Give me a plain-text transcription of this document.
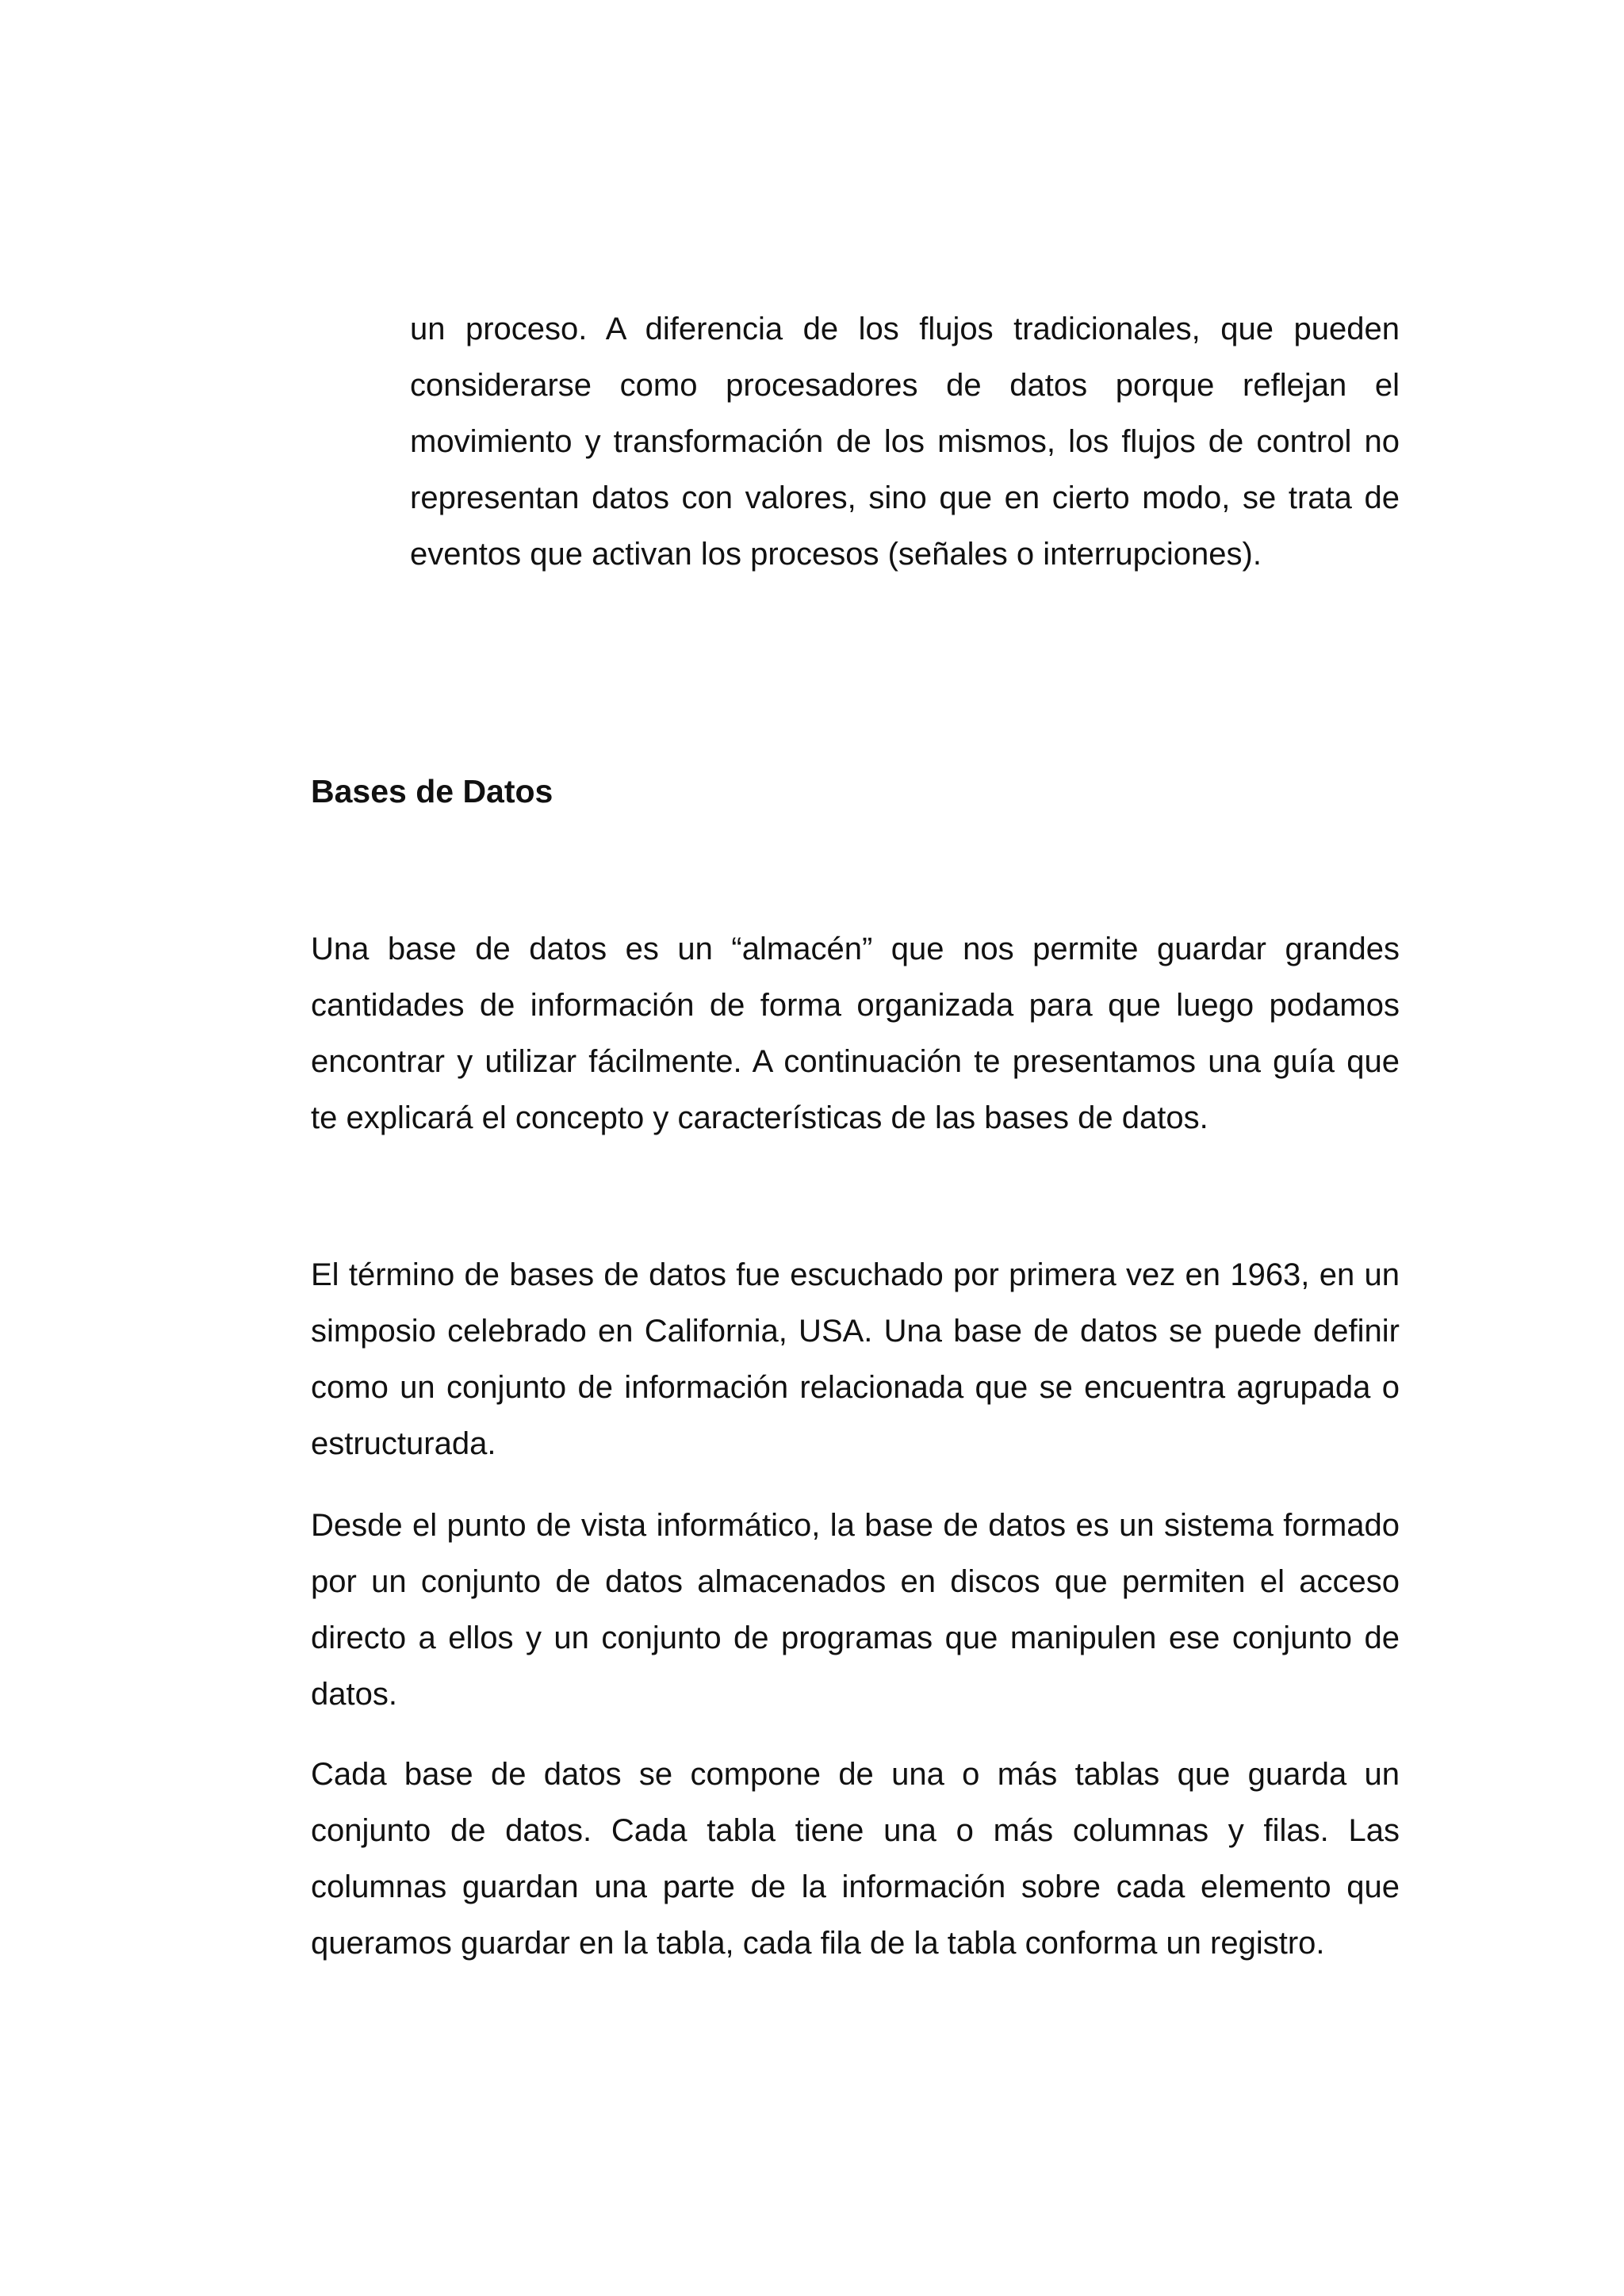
un proceso. A diferencia de los flujos tradicionales, que pueden considerarse como procesadores de datos porque reflejan el movimiento y transformación de los mismos, los flujos de control no representan datos con valores, sino que en cierto modo, se trata de eventos que activan los procesos (señales o interrupciones).

Bases de Datos

Una base de datos es un “almacén” que nos permite guardar grandes cantidades de información de forma organizada para que luego podamos encontrar y utilizar fácilmente. A continuación te presentamos una guía que te explicará el concepto y características de las bases de datos.

El término de bases de datos fue escuchado por primera vez en 1963, en un simposio celebrado en California, USA. Una base de datos se puede definir como un conjunto de información relacionada que se encuentra agrupada o estructurada.

Desde el punto de vista informático, la base de datos es un sistema formado por un conjunto de datos almacenados en discos que permiten el acceso directo a ellos y un conjunto de programas que manipulen ese conjunto de datos.

Cada base de datos se compone de una o más tablas que guarda un conjunto de datos. Cada tabla tiene una o más columnas y filas. Las columnas guardan una parte de la información sobre cada elemento que queramos guardar en la tabla, cada fila de la tabla conforma un registro.
